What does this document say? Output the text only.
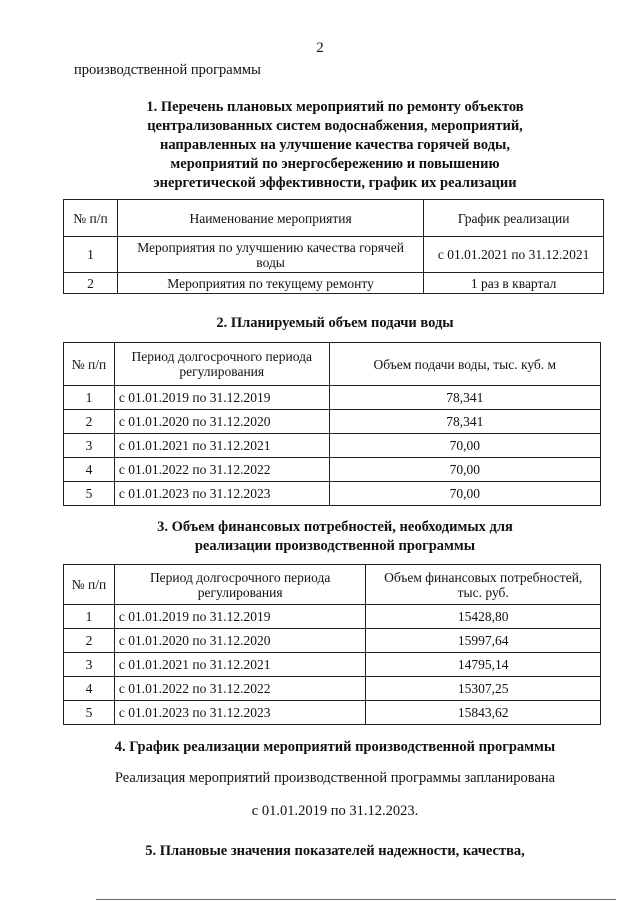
2
производственной программы
1. Перечень плановых мероприятий по ремонту объектов
централизованных систем водоснабжения, мероприятий,
направленных на улучшение качества горячей воды,
мероприятий по энергосбережению и повышению
энергетической эффективности, график их реализации
№ п/п	Наименование мероприятия	График реализации
1	Мероприятия по улучшению качества горячей воды	с 01.01.2021 по 31.12.2021
2	Мероприятия по текущему ремонту	1 раз в квартал
2. Планируемый объем подачи воды
№ п/п	Период долгосрочного периода регулирования	Объем подачи воды, тыс. куб. м
1	с 01.01.2019 по 31.12.2019	78,341
2	с 01.01.2020 по 31.12.2020	78,341
3	с 01.01.2021 по 31.12.2021	70,00
4	с 01.01.2022 по 31.12.2022	70,00
5	с 01.01.2023 по 31.12.2023	70,00
3. Объем финансовых потребностей, необходимых для
реализации производственной программы
№ п/п	Период долгосрочного периода регулирования	Объем финансовых потребностей, тыс. руб.
1	с 01.01.2019 по 31.12.2019	15428,80
2	с 01.01.2020 по 31.12.2020	15997,64
3	с 01.01.2021 по 31.12.2021	14795,14
4	с 01.01.2022 по 31.12.2022	15307,25
5	с 01.01.2023 по 31.12.2023	15843,62
4. График реализации мероприятий производственной программы
Реализация мероприятий производственной программы запланирована
с 01.01.2019 по 31.12.2023.
5. Плановые значения показателей надежности, качества,
